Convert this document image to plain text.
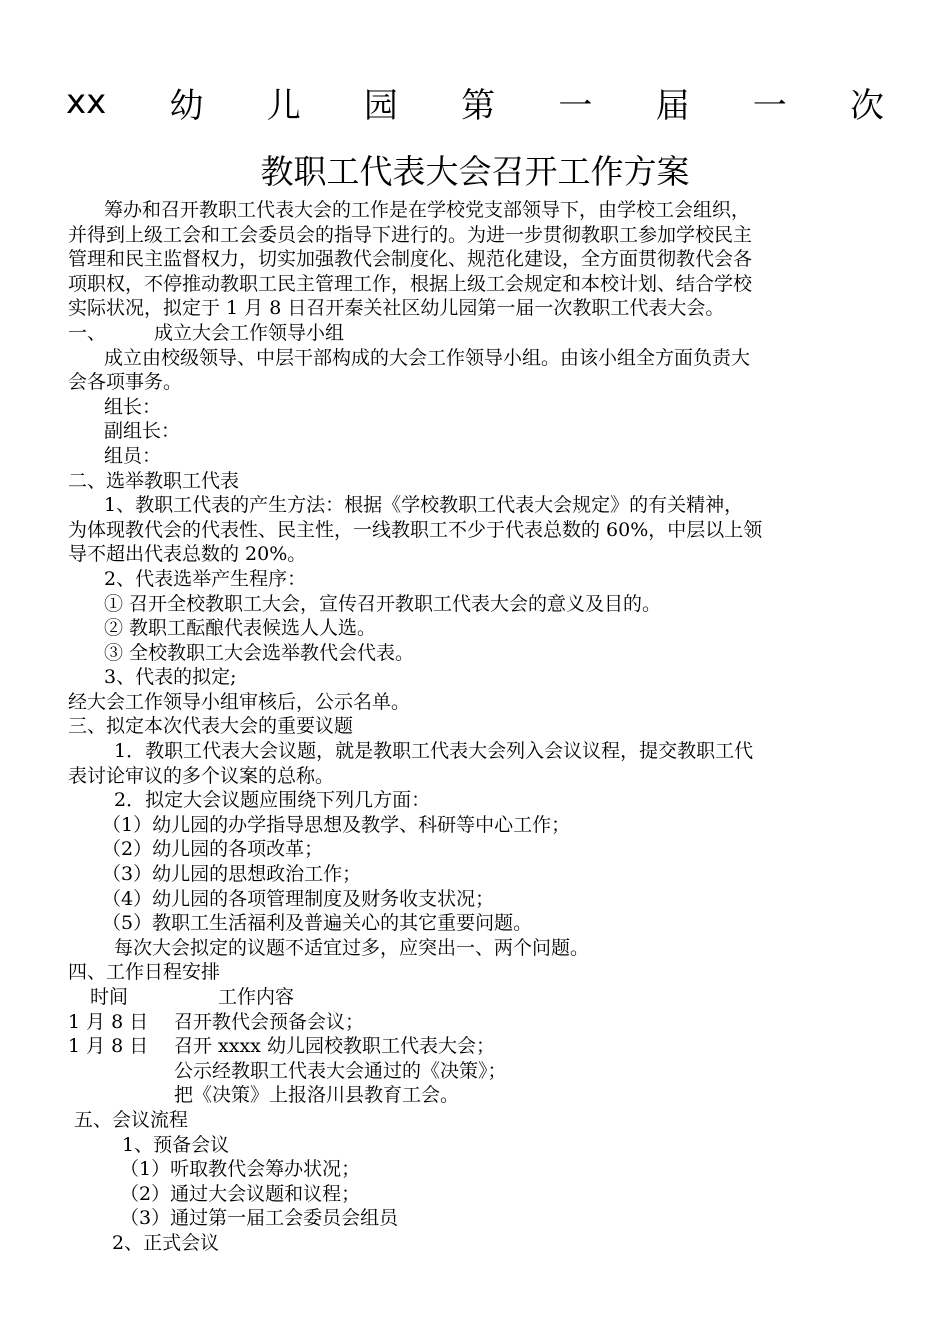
xx 幼 儿 园 第 一 届 一 次
教职工代表大会召开工作方案
筹办和召开教职工代表大会的工作是在学校党支部领导下，由学校工会组织，
并得到上级工会和工会委员会的指导下进行的。为进一步贯彻教职工参加学校民主
管理和民主监督权力，切实加强教代会制度化、规范化建设，全方面贯彻教代会各
项职权，不停推动教职工民主管理工作，根据上级工会规定和本校计划、结合学校
实际状况，拟定于 1 月 8 日召开秦关社区幼儿园第一届一次教职工代表大会。
一、	成立大会工作领导小组
成立由校级领导、中层干部构成的大会工作领导小组。由该小组全方面负责大
会各项事务。
组长：
副组长：
组员：
二、选举教职工代表
1、教职工代表的产生方法：根据《学校教职工代表大会规定》的有关精神，
为体现教代会的代表性、民主性，一线教职工不少于代表总数的 60%，中层以上领
导不超出代表总数的 20%。
2、代表选举产生程序：
① 召开全校教职工大会，宣传召开教职工代表大会的意义及目的。
② 教职工酝酿代表候选人人选。
③ 全校教职工大会选举教代会代表。
3、代表的拟定;
经大会工作领导小组审核后，公示名单。
三、拟定本次代表大会的重要议题
1．教职工代表大会议题，就是教职工代表大会列入会议议程，提交教职工代
表讨论审议的多个议案的总称。
2．拟定大会议题应围绕下列几方面：
（1）幼儿园的办学指导思想及教学、科研等中心工作；
（2）幼儿园的各项改革；
（3）幼儿园的思想政治工作；
（4）幼儿园的各项管理制度及财务收支状况；
（5）教职工生活福利及普遍关心的其它重要问题。
每次大会拟定的议题不适宜过多，应突出一、两个问题。
四、工作日程安排
时间	工作内容
1 月 8 日	召开教代会预备会议；
1 月 8 日	召开 xxxx 幼儿园校教职工代表大会；
公示经教职工代表大会通过的《决策》；
把《决策》上报洛川县教育工会。
五、会议流程
1、预备会议
（1）听取教代会筹办状况；
（2）通过大会议题和议程；
（3）通过第一届工会委员会组员
2、正式会议
